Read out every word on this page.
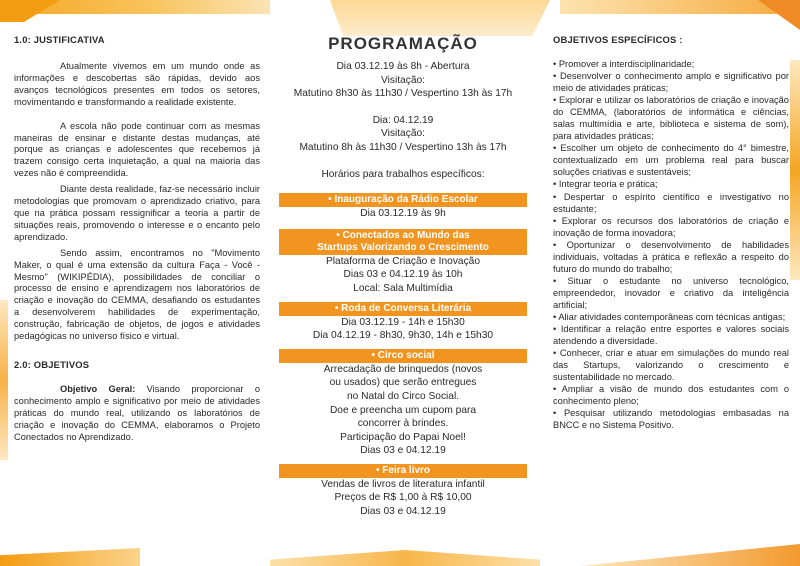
1.0: JUSTIFICATIVA

Atualmente vivemos em um mundo onde as informações e descobertas são rápidas, devido aos avanços tecnológicos presentes em todos os setores, movimentando e transformando a realidade existente.

A escola não pode continuar com as mesmas maneiras de ensinar e distante destas mudanças, até porque as crianças e adolescentes que recebemos já trazem consigo certa inquietação, a qual na maioria das vezes não é compreendida.

Diante desta realidade, faz-se necessário incluir metodologias que promovam o aprendizado criativo, para que na prática possam ressignificar a teoria a partir de situações reais, promovendo o interesse e o encanto pelo aprendizado.

Sendo assim, encontramos no "Movimento Maker, o qual é uma extensão da cultura Faça - Você - Mesmo" (WIKIPÉDIA), possibilidades de conciliar o processo de ensino e aprendizagem nos laboratórios de criação e inovação do CEMMA, desafiando os estudantes a desenvolverem habilidades de experimentação, construção, fabricação de objetos, de jogos e atividades pedagógicas no universo físico e virtual.

2.0: OBJETIVOS

Objetivo Geral: Visando proporcionar o conhecimento amplo e significativo por meio de atividades práticas do mundo real, utilizando os laboratórios de criação e inovação do CEMMA, elaboramos o Projeto Conectados no Aprendizado.

PROGRAMAÇÃO
Dia 03.12.19 às 8h - Abertura
Visitação:
Matutino 8h30 às 11h30 / Vespertino 13h às 17h
Dia: 04.12.19
Visitação:
Matutino 8h às 11h30 / Vespertino 13h às 17h
Horários para trabalhos específicos:
• Inauguração da Rádio Escolar
Dia 03.12.19 às 9h
• Conectados ao Mundo das
Startups Valorizando o Crescimento
Plataforma de Criação e Inovação
Dias 03 e 04.12.19 às 10h
Local: Sala Multimídia
• Roda de Conversa Literária
Dia 03.12.19 - 14h e 15h30
Dia 04.12.19 - 8h30, 9h30, 14h e 15h30
• Circo social
Arrecadação de brinquedos (novos
ou usados) que serão entregues
no Natal do Circo Social.
Doe e preencha um cupom para
concorrer à brindes.
Participação do Papai Noel!
Dias 03 e 04.12.19
• Feira livro
Vendas de livros de literatura infantil
Preços de R$ 1,00 à R$ 10,00
Dias 03 e 04.12.19
OBJETIVOS ESPECÍFICOS :
• Promover a interdisciplinaridade;
• Desenvolver o conhecimento amplo e significativo por meio de atividades práticas;
• Explorar e utilizar os laboratórios de criação e inovação do CEMMA, (laboratórios de informática e ciências, salas multimídia e arte, biblioteca e sistema de som), para atividades práticas;
• Escolher um objeto de conhecimento do 4° bimestre, contextualizado em um problema real para buscar soluções criativas e sustentáveis;
• Integrar teoria e prática;
• Despertar o espírito científico e investigativo no estudante;
• Explorar os recursos dos laboratórios de criação e inovação de forma inovadora;
• Oportunizar o desenvolvimento de habilidades individuais, voltadas à prática e reflexão a respeito do futuro do mundo do trabalho;
• Situar o estudante no universo tecnológico, empreendedor, inovador e criativo da inteligência artificial;
• Aliar atividades contemporâneas com técnicas antigas;
• Identificar a relação entre esportes e valores sociais atendendo a diversidade.
• Conhecer, criar e atuar em simulações do mundo real das Startups, valorizando o crescimento e sustentabilidade no mercado.
• Ampliar a visão de mundo dos estudantes com o conhecimento pleno;
• Pesquisar utilizando metodologias embasadas na BNCC e no Sistema Positivo.
